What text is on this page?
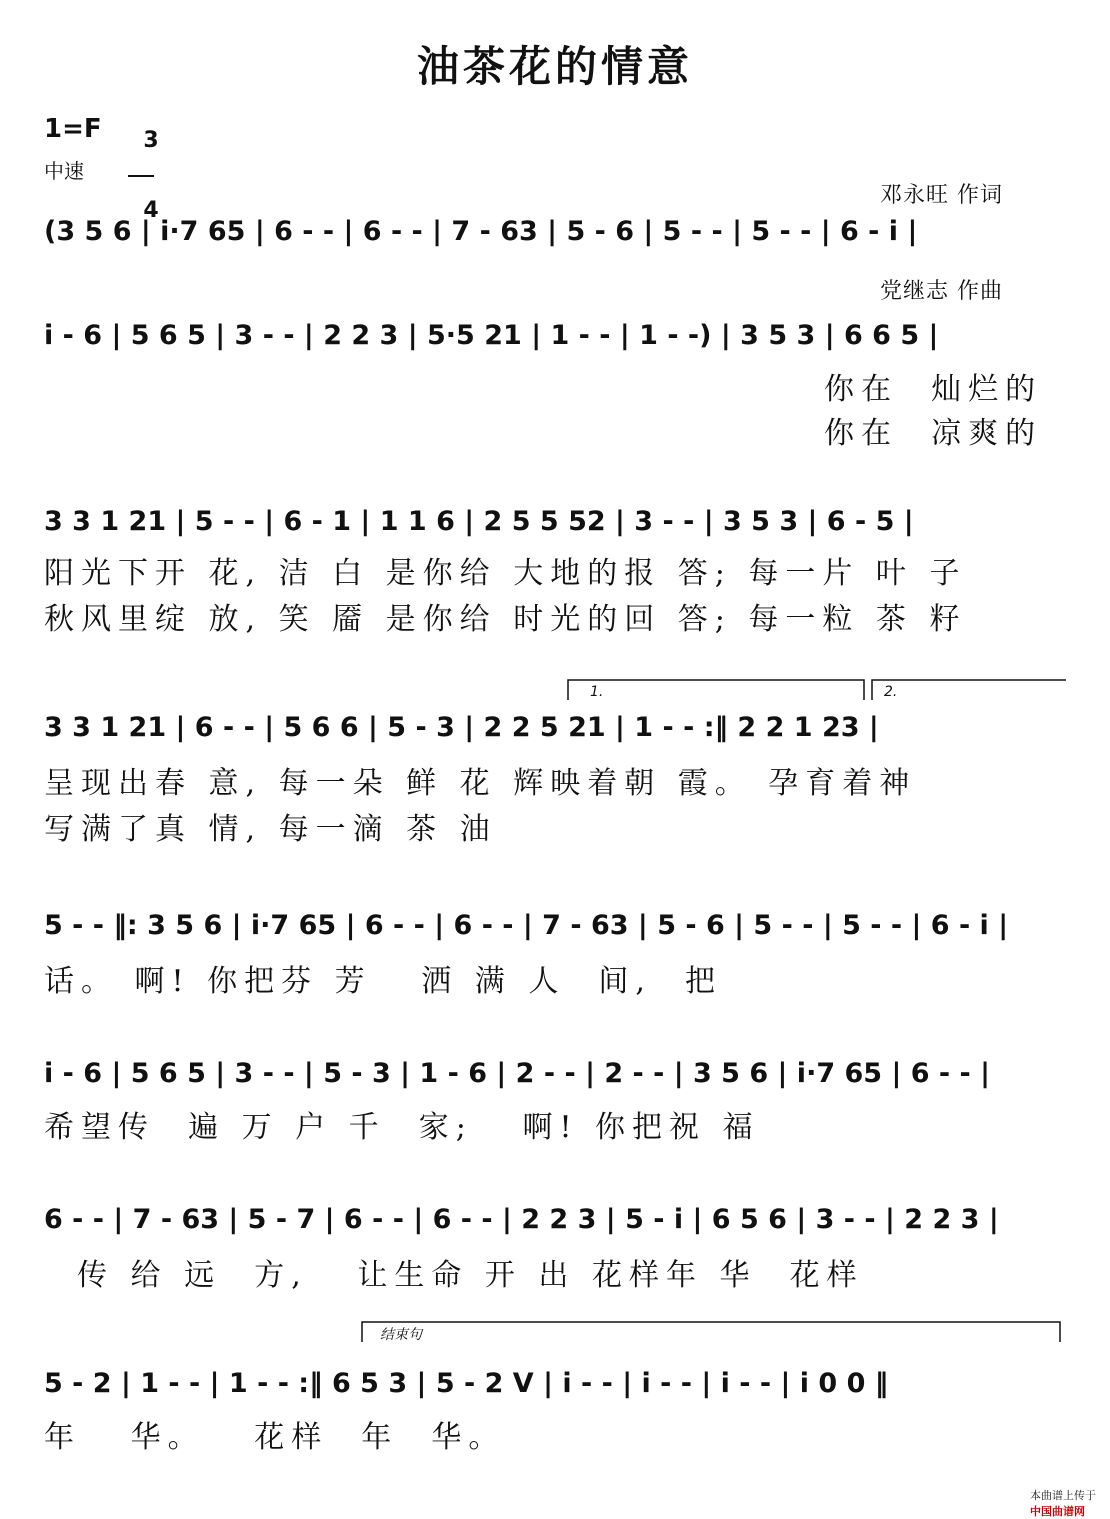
油茶花的情意
1=F	3

4

中速

邓永旺 作词

党继志 作曲

(3 5 6 | i·7 65 | 6 - - | 6 - - | 7 - 63 | 5 - 6 | 5 - - | 5 - - | 6 - i |
i - 6 | 5 6 5 | 3 - - | 2 2 3 | 5·5 21 | 1 - - | 1 - -) | 3 5 3 | 6 6 5 |
你在  灿烂的
你在  凉爽的
3 3 1 21 | 5 - - | 6 - 1 | 1 1 6 | 2 5 5 52 | 3 - - | 3 5 3 | 6 - 5 |
阳光下开 花, 洁 白 是你给 大地的报 答; 每一片 叶 子
秋风里绽 放, 笑 靥 是你给 时光的回 答; 每一粒 茶 籽
1.	2.
3 3 1 21 | 6 - - | 5 6 6 | 5 - 3 | 2 2 5 21 | 1 - - :‖ 2 2 1 23 |
呈现出春 意, 每一朵 鲜 花 辉映着朝 霞。 孕育着神
写满了真 情, 每一滴 茶 油
5 - - ‖: 3 5 6 | i·7 65 | 6 - - | 6 - - | 7 - 63 | 5 - 6 | 5 - - | 5 - - | 6 - i |
话。 啊! 你把芬 芳   洒 满 人  间,  把
i - 6 | 5 6 5 | 3 - - | 5 - 3 | 1 - 6 | 2 - - | 2 - - | 3 5 6 | i·7 65 | 6 - - |
希望传  遍 万 户 千  家;   啊! 你把祝 福
6 - - | 7 - 63 | 5 - 7 | 6 - - | 6 - - | 2 2 3 | 5 - i | 6 5 6 | 3 - - | 2 2 3 |
传 给 远  方,   让生命 开 出 花样年 华  花样
结束句
5 - 2 | 1 - - | 1 - - :‖ 6 5 3 | 5 - 2 V | i - - | i - - | i - - | i 0 0 ‖
年   华。   花样  年  华。

本曲谱上传于
中国曲谱网
